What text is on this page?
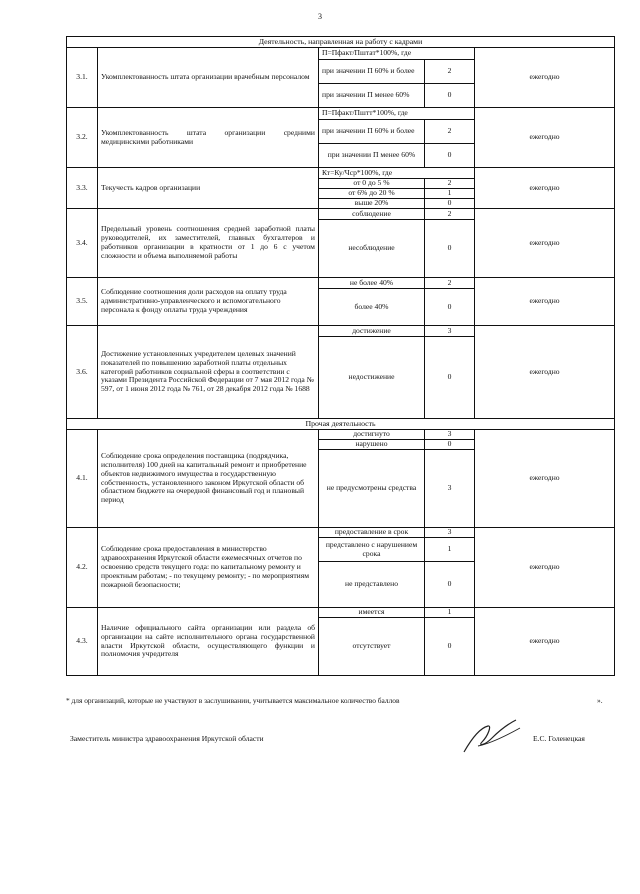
3
Деятельность, направленная на работу с кадрами				
3.1.	Укомплектованность штата организации врачебным персоналом	П=Пфакт/Пштат*100%, где		ежегодно
		при значении П 60% и более	2	
		при значении П менее 60%	0	
3.2.	Укомплектованность штата организации средними медицинскими работниками	П=Пфакт/Пштт*100%, где		ежегодно
		при значении П 60% и более	2	
		при значении П менее 60%	0	
3.3.	Текучесть кадров организации	Кт=Ку/Чср*100%, где		ежегодно
		от 0 до 5 %	2	
		от 6% до 20 %	1	
		выше 20%	0	
3.4.	Предельный уровень соотношения средней заработной платы руководителей, их заместителей, главных бухгалтеров и работников организации в кратности от 1 до 6 с учетом сложности и объема выполняемой работы	соблюдение	2	ежегодно
		несоблюдение	0	
3.5.	Соблюдение соотношения доли расходов на оплату труда административно-управленческого и вспомогательного персонала к фонду оплаты труда учреждения	не более 40%	2	ежегодно
		более 40%	0	
3.6.	Достижение установленных учредителем целевых значений показателей по повышению заработной платы отдельных категорий работников социальной сферы в соответствии с указами Президента Российской Федерации от 7 мая 2012 года № 597, от 1 июня 2012 года № 761, от 28 декабря 2012 года № 1688	достижение	3	ежегодно
		недостижение	0	
Прочая деятельность				
4.1.	Соблюдение срока определения поставщика (подрядчика, исполнителя) 100 дней на капитальный ремонт и приобретение объектов недвижимого имущества в государственную собственность, установленного законом Иркутской области об областном бюджете на очередной финансовый год и плановый период	достигнуто	3	ежегодно
		нарушено	0	
		не предусмотрены средства	3	
4.2.	Соблюдение срока предоставления в министерство здравоохранения Иркутской области ежемесячных отчетов по освоению средств текущего года: по капитальному ремонту и проектным работам; - по текущему ремонту; - по мероприятиям пожарной безопасности;	предоставление в срок	3	ежегодно
		представлено с нарушением срока	1	
		не представлено	0	
4.3.	Наличие официального сайта организации или раздела об организации на сайте исполнительного органа государственной власти Иркутской области, осуществляющего функции и полномочия учредителя	имеется	1	ежегодно
		отсутствует	0	
* для организаций, которые не участвуют в заслушивании, учитывается максимальное количество баллов	».
Заместитель министра здравоохранения Иркутской области	Е.С. Голенецкая
